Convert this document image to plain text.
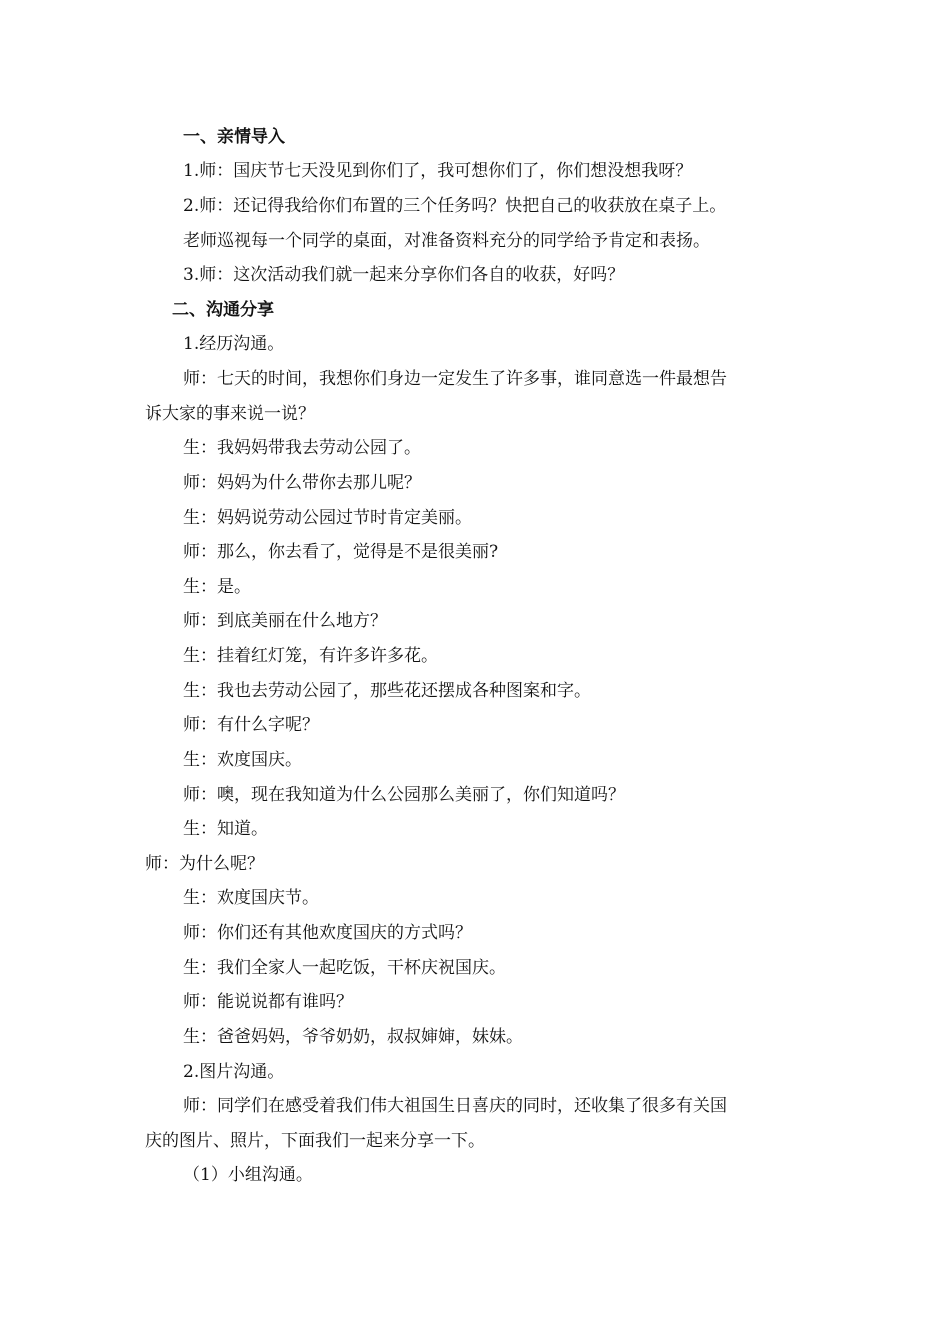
一、亲情导入
1.师：国庆节七天没见到你们了，我可想你们了，你们想没想我呀？
2.师：还记得我给你们布置的三个任务吗？快把自己的收获放在桌子上。
老师巡视每一个同学的桌面，对准备资料充分的同学给予肯定和表扬。
3.师：这次活动我们就一起来分享你们各自的收获，好吗？
二、沟通分享
1.经历沟通。
师：七天的时间，我想你们身边一定发生了许多事，谁同意选一件最想告
诉大家的事来说一说？
生：我妈妈带我去劳动公园了。
师：妈妈为什么带你去那儿呢？
生：妈妈说劳动公园过节时肯定美丽。
师：那么，你去看了，觉得是不是很美丽?
生：是。
师：到底美丽在什么地方？
生：挂着红灯笼，有许多许多花。
生：我也去劳动公园了，那些花还摆成各种图案和字。
师：有什么字呢？
生：欢度国庆。
师：噢，现在我知道为什么公园那么美丽了，你们知道吗？
生：知道。
师：为什么呢？
生：欢度国庆节。
师：你们还有其他欢度国庆的方式吗？
生：我们全家人一起吃饭，干杯庆祝国庆。
师：能说说都有谁吗？
生：爸爸妈妈，爷爷奶奶，叔叔婶婶，妹妹。
2.图片沟通。
师：同学们在感受着我们伟大祖国生日喜庆的同时，还收集了很多有关国
庆的图片、照片，下面我们一起来分享一下。
（1）小组沟通。
